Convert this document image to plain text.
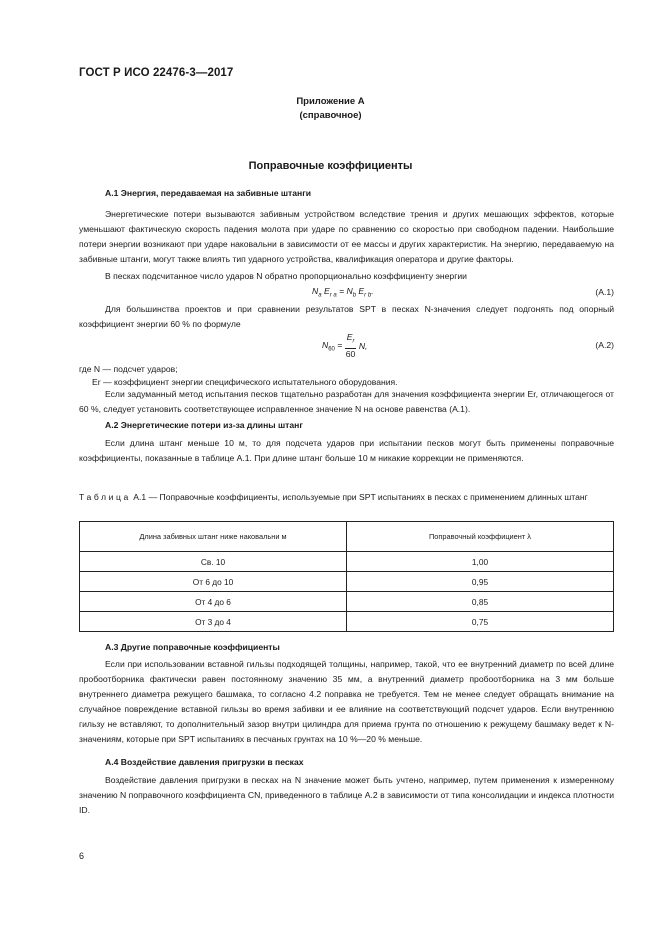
ГОСТ Р ИСО 22476-3—2017
Приложение А
(справочное)
Поправочные коэффициенты
А.1 Энергия, передаваемая на забивные штанги
Энергетические потери вызываются забивным устройством вследствие трения и других мешающих эффектов, которые уменьшают фактическую скорость падения молота при ударе по сравнению со скоростью при свободном падении. Наибольшие потери энергии возникают при ударе наковальни в зависимости от ее массы и других характеристик. На энергию, передаваемую на забивные штанги, могут также влиять тип ударного устройства, квалификация оператора и другие факторы.
В песках подсчитанное число ударов N обратно пропорционально коэффициенту энергии
$N_a$ $E_{r a} = N_b$ $E_{r b}$.	(A.1)
Для большинства проектов и при сравнении результатов SPT в песках N-значения следует подгонять под опорный коэффициент энергии 60 % по формуле
$N_{60} = \frac{E_r}{60} N$,	(A.2)
где N — подсчет ударов;
Er — коэффициент энергии специфического испытательного оборудования.
Если задуманный метод испытания песков тщательно разработан для значения коэффициента энергии Er, отличающегося от 60 %, следует установить соответствующее исправленное значение N на основе равенства (А.1).
А.2 Энергетические потери из-за длины штанг
Если длина штанг меньше 10 м, то для подсчета ударов при испытании песков могут быть применены поправочные коэффициенты, показанные в таблице А.1. При длине штанг больше 10 м никакие коррекции не применяются.
Таблица А.1 — Поправочные коэффициенты, используемые при SPT испытаниях в песках с применением длинных штанг
Длина забивных штанг ниже наковальни м	Поправочный коэффициент λ
Св. 10	1,00
От 6 до 10	0,95
От 4 до 6	0,85
От 3 до 4	0,75
А.3 Другие поправочные коэффициенты
Если при использовании вставной гильзы подходящей толщины, например, такой, что ее внутренний диаметр по всей длине пробоотборника фактически равен постоянному значению 35 мм, а внутренний диаметр пробоотборника на 3 мм больше внутреннего диаметра режущего башмака, то согласно 4.2 поправка не требуется. Тем не менее следует обращать внимание на случайное повреждение вставной гильзы во время забивки и ее влияние на соответствующий подсчет ударов. Если внутреннюю гильзу не вставляют, то дополнительный зазор внутри цилиндра для приема грунта по отношению к режущему башмаку ведет к N-значениям, которые при SPT испытаниях в песчаных грунтах на 10 %—20 % меньше.
А.4 Воздействие давления пригрузки в песках
Воздействие давления пригрузки в песках на N значение может быть учтено, например, путем применения к измеренному значению N поправочного коэффициента CN, приведенного в таблице А.2 в зависимости от типа консолидации и индекса плотности ID.
6
